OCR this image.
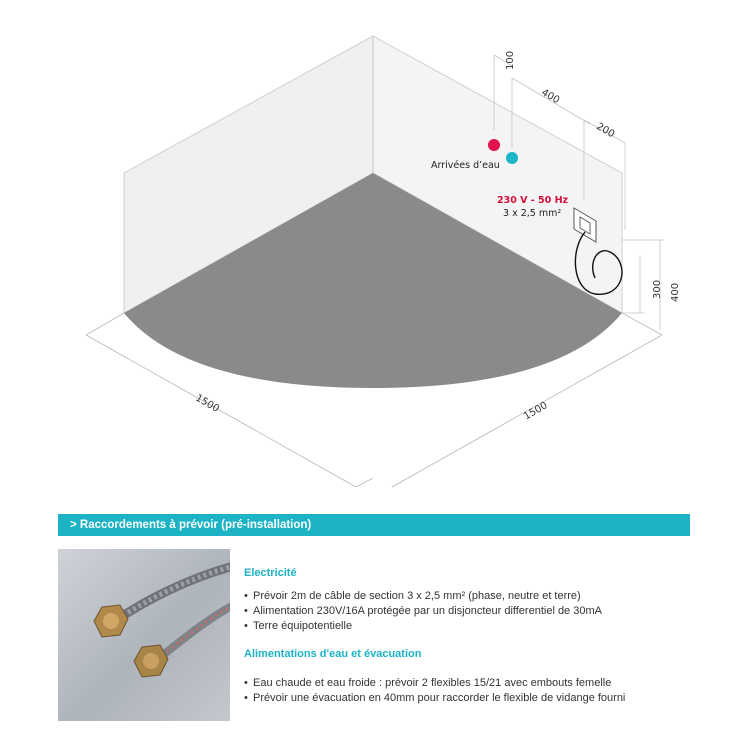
1500	1500
100
400
200
300 400
Arrivées d’eau
230 V - 50 Hz
3 x 2,5 mm²
> Raccordements à prévoir (pré-installation)
Electricité
• Prévoir 2m de câble de section 3 x 2,5 mm² (phase, neutre et terre)
• Alimentation 230V/16A protégée par un disjoncteur differentiel de 30mA
• Terre équipotentielle
Alimentations d'eau et évacuation
• Eau chaude et eau froide : prévoir 2 flexibles 15/21 avec embouts femelle
• Prévoir une évacuation en 40mm pour raccorder le flexible de vidange fourni
